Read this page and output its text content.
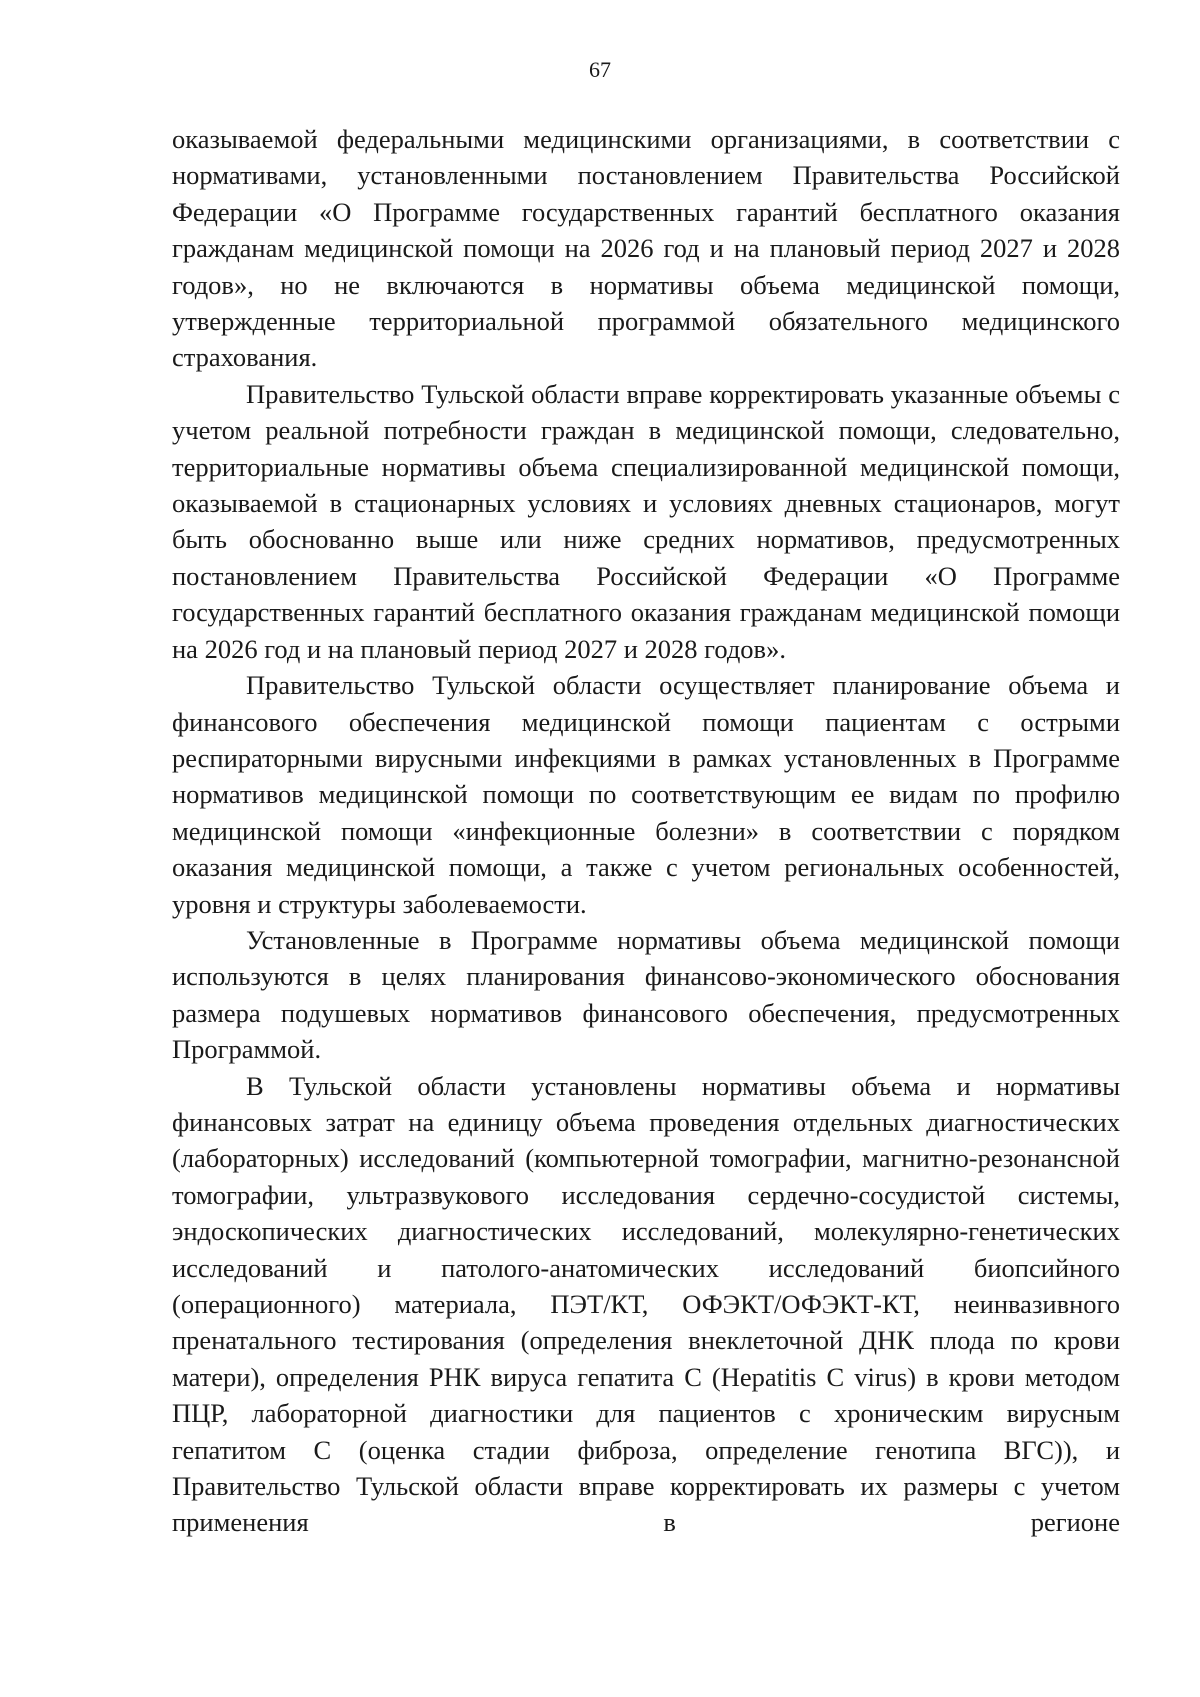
67

оказываемой федеральными медицинскими организациями, в соответствии с нормативами, установленными постановлением Правительства Российской Федерации «О Программе государственных гарантий бесплатного оказания гражданам медицинской помощи на 2026 год и на плановый период 2027 и 2028 годов», но не включаются в нормативы объема медицинской помощи, утвержденные территориальной программой обязательного медицинского страхования.

Правительство Тульской области вправе корректировать указанные объемы с учетом реальной потребности граждан в медицинской помощи, следовательно, территориальные нормативы объема специализированной медицинской помощи, оказываемой в стационарных условиях и условиях дневных стационаров, могут быть обоснованно выше или ниже средних нормативов, предусмотренных постановлением Правительства Российской Федерации «О Программе государственных гарантий бесплатного оказания гражданам медицинской помощи на 2026 год и на плановый период 2027 и 2028 годов».

Правительство Тульской области осуществляет планирование объема и финансового обеспечения медицинской помощи пациентам с острыми респираторными вирусными инфекциями в рамках установленных в Программе нормативов медицинской помощи по соответствующим ее видам по профилю медицинской помощи «инфекционные болезни» в соответствии с порядком оказания медицинской помощи, а также с учетом региональных особенностей, уровня и структуры заболеваемости.

Установленные в Программе нормативы объема медицинской помощи используются в целях планирования финансово-экономического обоснования размера подушевых нормативов финансового обеспечения, предусмотренных Программой.

В Тульской области установлены нормативы объема и нормативы финансовых затрат на единицу объема проведения отдельных диагностических (лабораторных) исследований (компьютерной томографии, магнитно-резонансной томографии, ультразвукового исследования сердечно-сосудистой системы, эндоскопических диагностических исследований, молекулярно-генетических исследований и патолого-анатомических исследований биопсийного (операционного) материала, ПЭТ/КТ, ОФЭКТ/ОФЭКТ-КТ, неинвазивного пренатального тестирования (определения внеклеточной ДНК плода по крови матери), определения РНК вируса гепатита C (Hepatitis C virus) в крови методом ПЦР, лабораторной диагностики для пациентов с хроническим вирусным гепатитом C (оценка стадии фиброза, определение генотипа ВГС)), и Правительство Тульской области вправе корректировать их размеры с учетом применения в регионе
